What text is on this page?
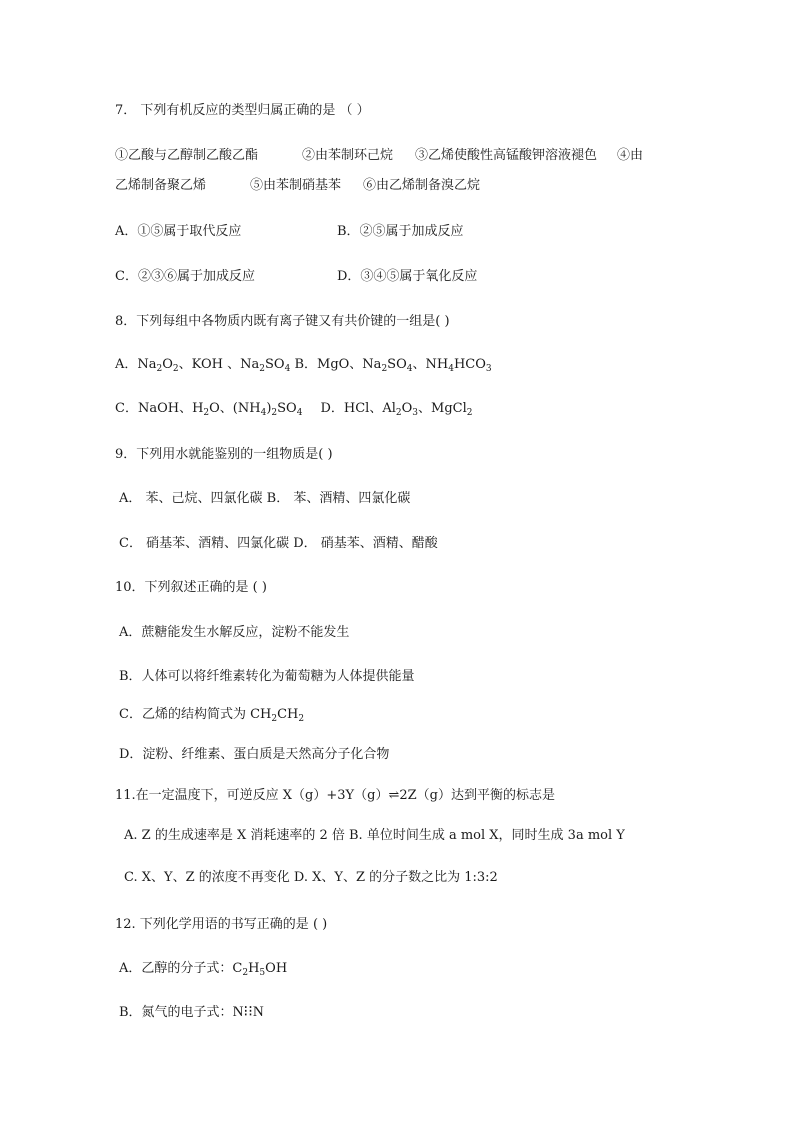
7． 下列有机反应的类型归属正确的是 （ ）
①乙酸与乙醇制乙酸乙酯	②由苯制环己烷 ③乙烯使酸性高锰酸钾溶液褪色 ④由
乙烯制备聚乙烯	⑤由苯制硝基苯 ⑥由乙烯制备溴乙烷
A．①⑤属于取代反应	B．②⑤属于加成反应
C．②③⑥属于加成反应	D．③④⑤属于氧化反应
8．下列每组中各物质内既有离子键又有共价键的一组是( )
A．$Na_2O_2$、KOH 、$Na_2SO_4$ B．MgO、$Na_2SO_4$、$NH_4HCO_3$
C．NaOH、$H_2O$、$(NH_4)_2SO_4$ D．HCl、$Al_2O_3$、MgCl$_2$
9．下列用水就能鉴别的一组物质是( )
A． 苯、己烷、四氯化碳 B． 苯、酒精、四氯化碳
C． 硝基苯、酒精、四氯化碳 D． 硝基苯、酒精、醋酸
10．下列叙述正确的是 ( )
A．蔗糖能发生水解反应，淀粉不能发生
B．人体可以将纤维素转化为葡萄糖为人体提供能量
C．乙烯的结构简式为 $CH_2CH_2$
D．淀粉、纤维素、蛋白质是天然高分子化合物
11.在一定温度下，可逆反应 X（g）+3Y（g）⇌2Z（g）达到平衡的标志是
A. Z 的生成速率是 X 消耗速率的 2 倍 B. 单位时间生成 a mol X，同时生成 3a mol Y
C. X、Y、Z 的浓度不再变化 D. X、Y、Z 的分子数之比为 1:3:2
12. 下列化学用语的书写正确的是 ( )
A．乙醇的分子式：$C_2H_5OH$
B．氮气的电子式：N⁝⁝N
